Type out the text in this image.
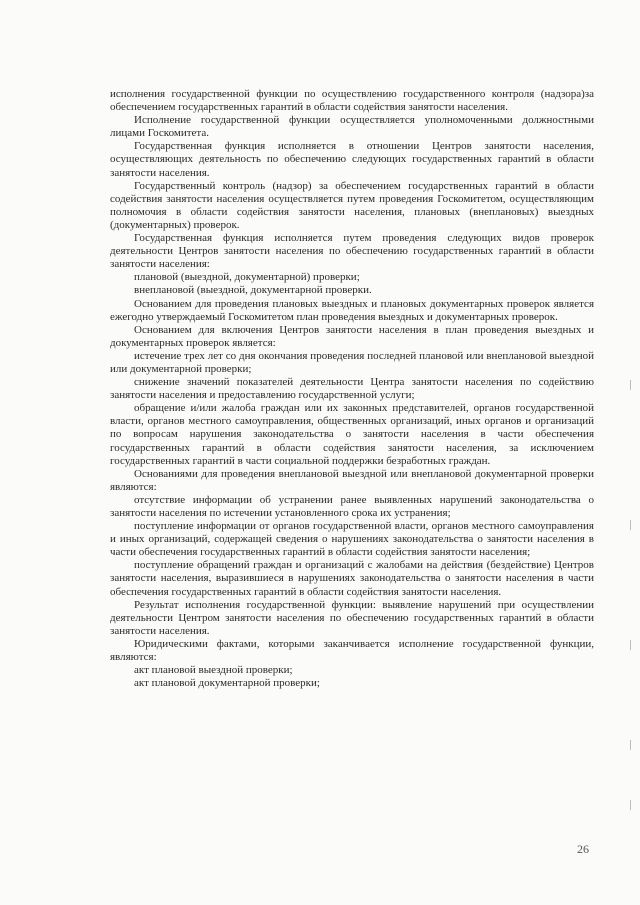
исполнения государственной функции по осуществлению государственного контроля (надзора)за обеспечением государственных гарантий в области содействия занятости населения.

Исполнение государственной функции осуществляется уполномоченными должностными лицами Госкомитета.

Государственная функция исполняется в отношении Центров занятости населения, осуществляющих деятельность по обеспечению следующих государственных гарантий в области занятости населения.

Государственный контроль (надзор) за обеспечением государственных гарантий в области содействия занятости населения осуществляется путем проведения Госкомитетом, осуществляющим полномочия в области содействия занятости населения, плановых (внеплановых) выездных (документарных) проверок.

Государственная функция исполняется путем проведения следующих видов проверок деятельности Центров занятости населения по обеспечению государственных гарантий в области занятости населения:

плановой (выездной, документарной) проверки;

внеплановой (выездной, документарной проверки.

Основанием для проведения плановых выездных и плановых документарных проверок является ежегодно утверждаемый Госкомитетом план проведения выездных и документарных проверок.

Основанием для включения Центров занятости населения в план проведения выездных и документарных проверок является:

истечение трех лет со дня окончания проведения последней плановой или внеплановой выездной или документарной проверки;

снижение значений показателей деятельности Центра занятости населения по содействию занятости населения и предоставлению государственной услуги;

обращение и/или жалоба граждан или их законных представителей, органов государственной власти, органов местного самоуправления, общественных организаций, иных органов и организаций по вопросам нарушения законодательства о занятости населения в части обеспечения государственных гарантий в области содействия занятости населения, за исключением государственных гарантий в части социальной поддержки безработных граждан.

Основаниями для проведения внеплановой выездной или внеплановой документарной проверки являются:

отсутствие информации об устранении ранее выявленных нарушений законодательства о занятости населения по истечении установленного срока их устранения;

поступление информации от органов государственной власти, органов местного самоуправления и иных организаций, содержащей сведения о нарушениях законодательства о занятости населения в части обеспечения государственных гарантий в области содействия занятости населения;

поступление обращений граждан и организаций с жалобами на действия (бездействие) Центров занятости населения, выразившиеся в нарушениях законодательства о занятости населения в части обеспечения государственных гарантий в области содействия занятости населения.

Результат исполнения государственной функции: выявление нарушений при осуществлении деятельности Центром занятости населения по обеспечению государственных гарантий в области занятости населения.

Юридическими фактами, которыми заканчивается исполнение государственной функции, являются:

акт плановой выездной проверки;

акт плановой документарной проверки;

26
